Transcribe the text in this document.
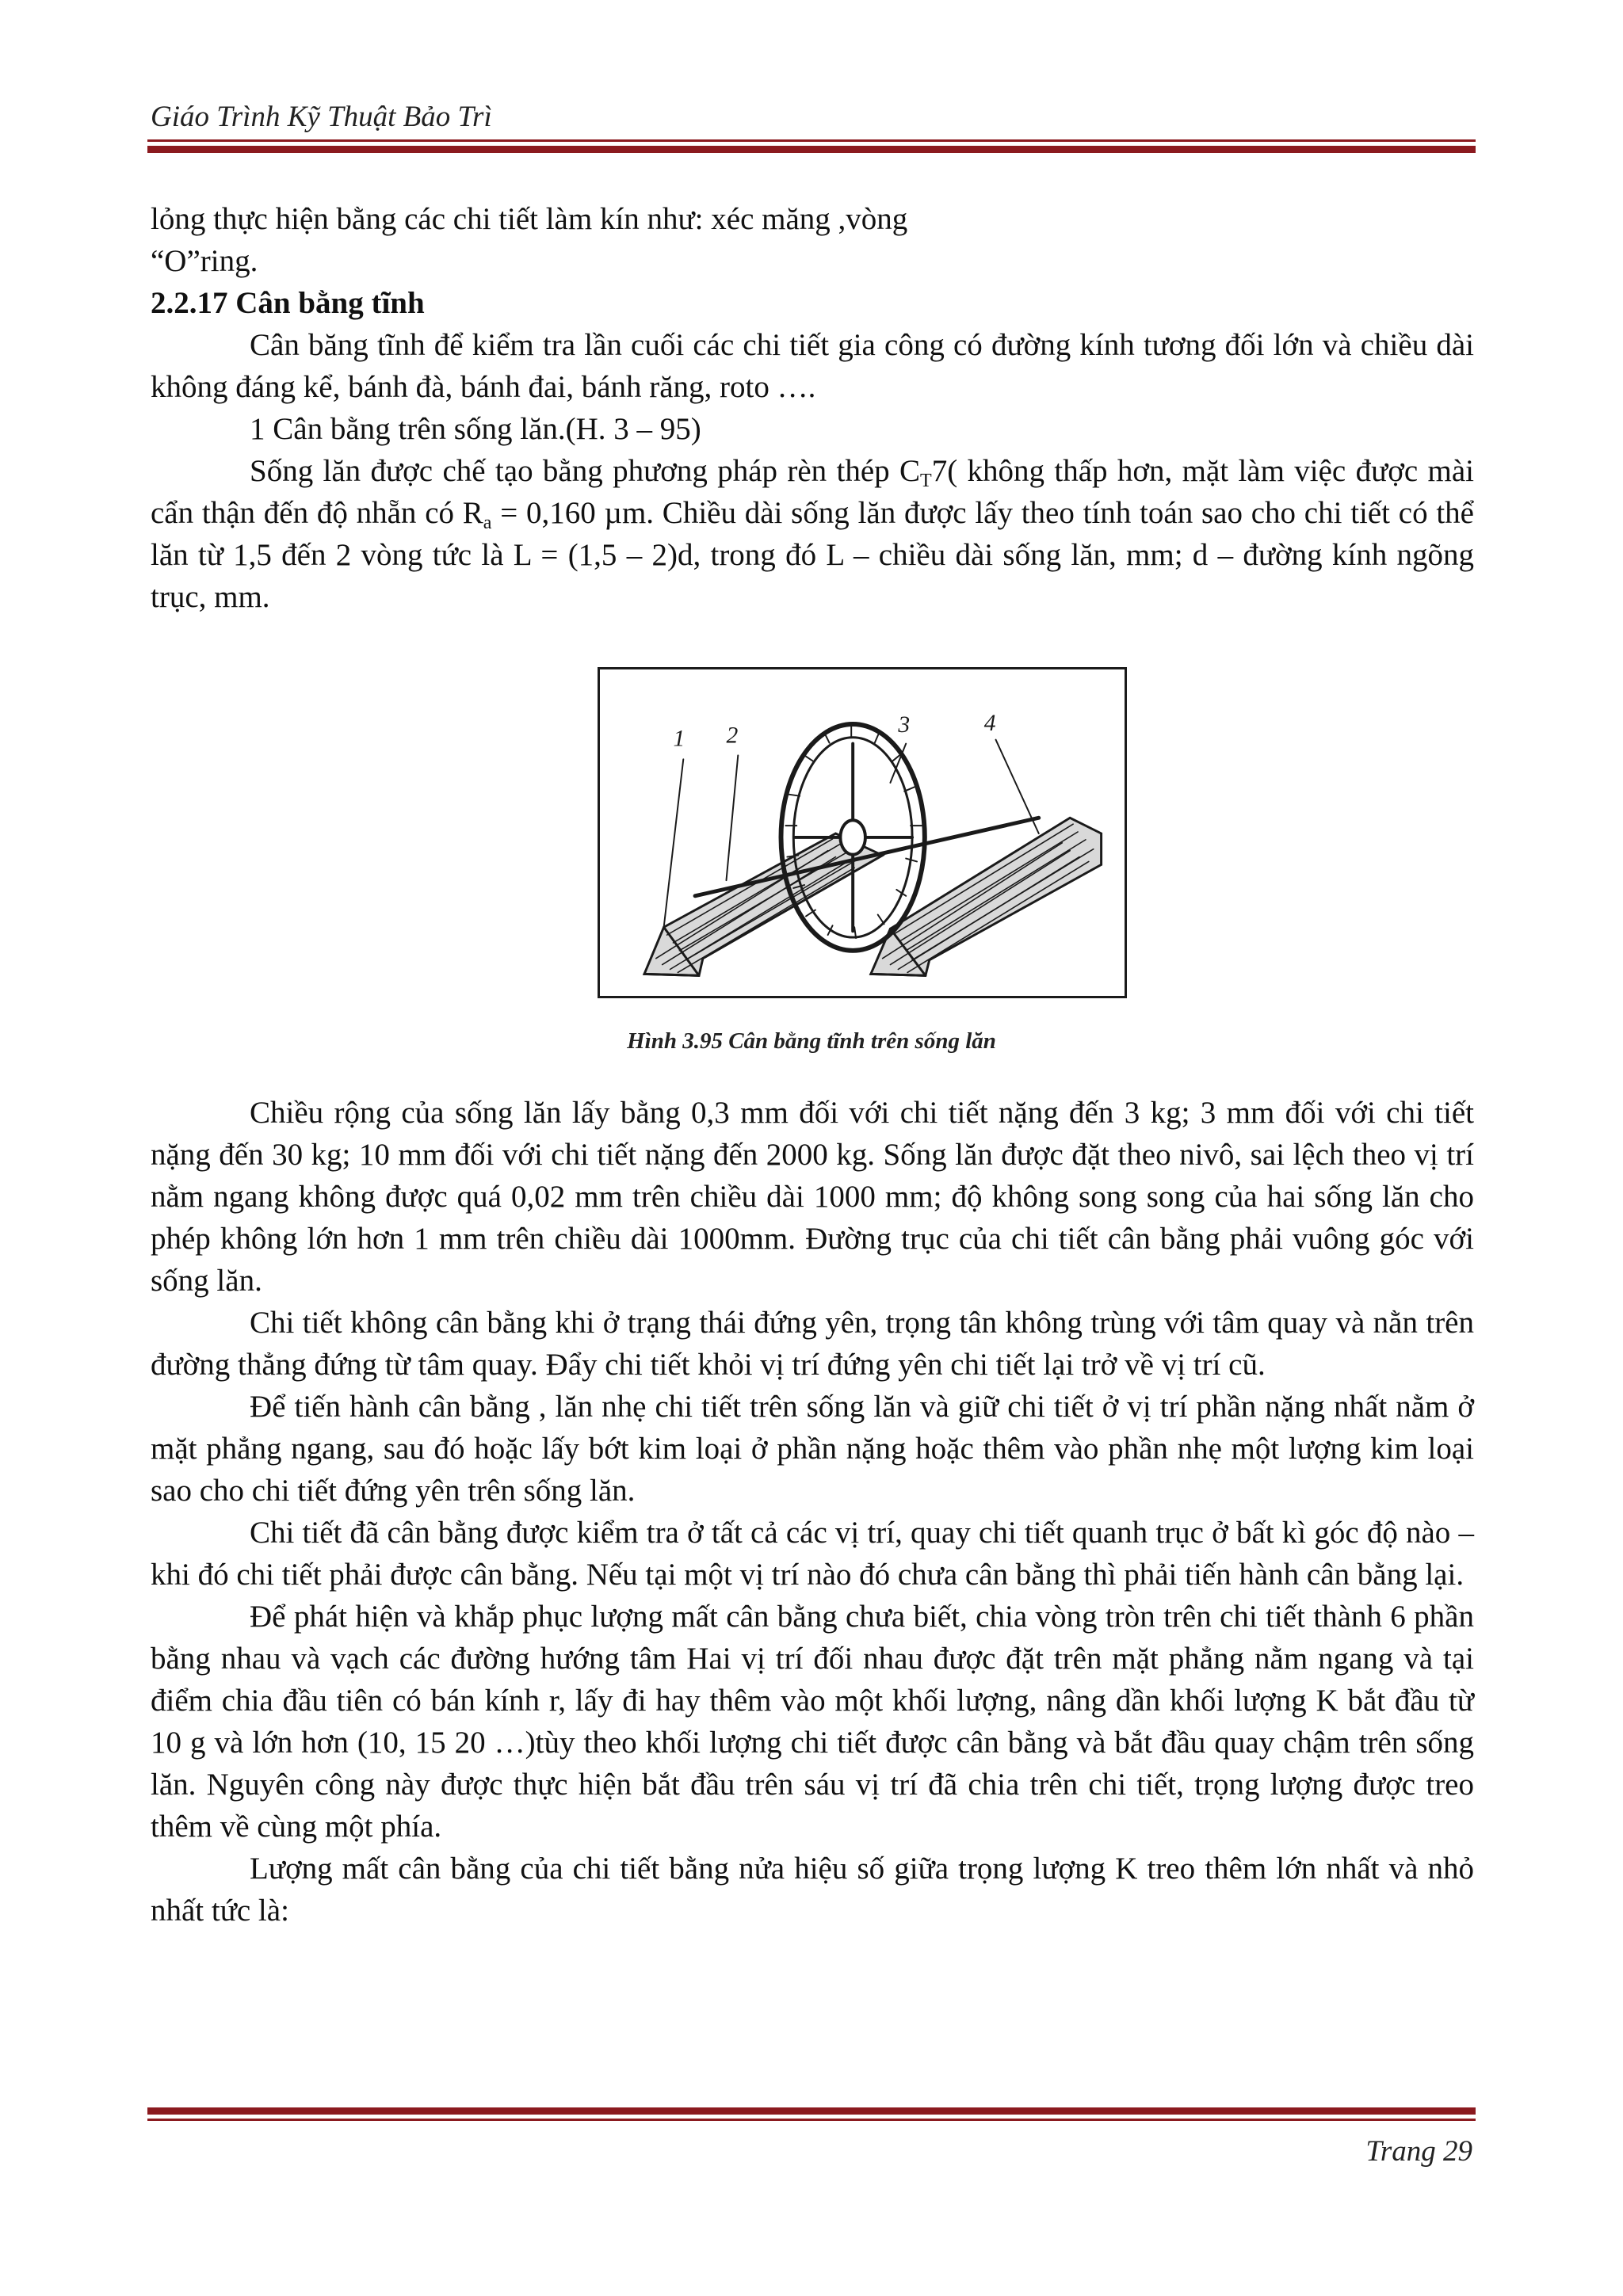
Giáo Trình Kỹ Thuật Bảo Trì

lỏng thực hiện bằng các chi tiết làm kín như: xéc măng ,vòng
“O”ring.

2.2.17 Cân bằng tĩnh

Cân băng tĩnh để kiểm tra lần cuối các chi tiết gia công có đường kính tương đối lớn và chiều dài không đáng kể, bánh đà, bánh đai, bánh răng, roto ….

1 Cân bằng trên sống lăn.(H. 3 – 95)

Sống lăn được chế tạo bằng phương pháp rèn thép $C_T7$( không thấp hơn, mặt làm việc được mài cẩn thận đến độ nhẵn có $R_a = 0,160$ µm. Chiều dài sống lăn được lấy theo tính toán sao cho chi tiết có thể lăn từ 1,5 đến 2 vòng tức là L = (1,5 – 2)d, trong đó L – chiều dài sống lăn, mm; d – đường kính ngõng trục, mm.

1 2	3	4
Hình 3.95 Cân bằng tĩnh trên sống lăn

Chiều rộng của sống lăn lấy bằng 0,3 mm đối với chi tiết nặng đến 3 kg; 3 mm đối với chi tiết nặng đến 30 kg; 10 mm đối với chi tiết nặng đến 2000 kg. Sống lăn được đặt theo nivô, sai lệch theo vị trí nằm ngang không được quá 0,02 mm trên chiều dài 1000 mm; độ không song song của hai sống lăn cho phép không lớn hơn 1 mm trên chiều dài 1000mm. Đường trục của chi tiết cân bằng phải vuông góc với sống lăn.

Chi tiết không cân bằng khi ở trạng thái đứng yên, trọng tân không trùng với tâm quay và nằn trên đường thẳng đứng từ tâm quay. Đẩy chi tiết khỏi vị trí đứng yên chi tiết lại trở về vị trí cũ.

Để tiến hành cân bằng , lăn nhẹ chi tiết trên sống lăn và giữ chi tiết ở vị trí phần nặng nhất nằm ở mặt phẳng ngang, sau đó hoặc lấy bớt kim loại ở phần nặng hoặc thêm vào phần nhẹ một lượng kim loại sao cho chi tiết đứng yên trên sống lăn.

Chi tiết đã cân bằng được kiểm tra ở tất cả các vị trí, quay chi tiết quanh trục ở bất kì góc độ nào – khi đó chi tiết phải được cân bằng. Nếu tại một vị trí nào đó chưa cân bằng thì phải tiến hành cân bằng lại.

Để phát hiện và khắp phục lượng mất cân bằng chưa biết, chia vòng tròn trên chi tiết thành 6 phần bằng nhau và vạch các đường hướng tâm Hai vị trí đối nhau được đặt trên mặt phẳng nằm ngang và tại điểm chia đầu tiên có bán kính r, lấy đi hay thêm vào một khối lượng, nâng dần khối lượng K bắt đầu từ 10 g và lớn hơn (10, 15 20 …)tùy theo khối lượng chi tiết được cân bằng và bắt đầu quay chậm trên sống lăn. Nguyên công này được thực hiện bắt đầu trên sáu vị trí đã chia trên chi tiết, trọng lượng được treo thêm về cùng một phía.

Lượng mất cân bằng của chi tiết bằng nửa hiệu số giữa trọng lượng K treo thêm lớn nhất và nhỏ nhất tức là:

Trang 29
